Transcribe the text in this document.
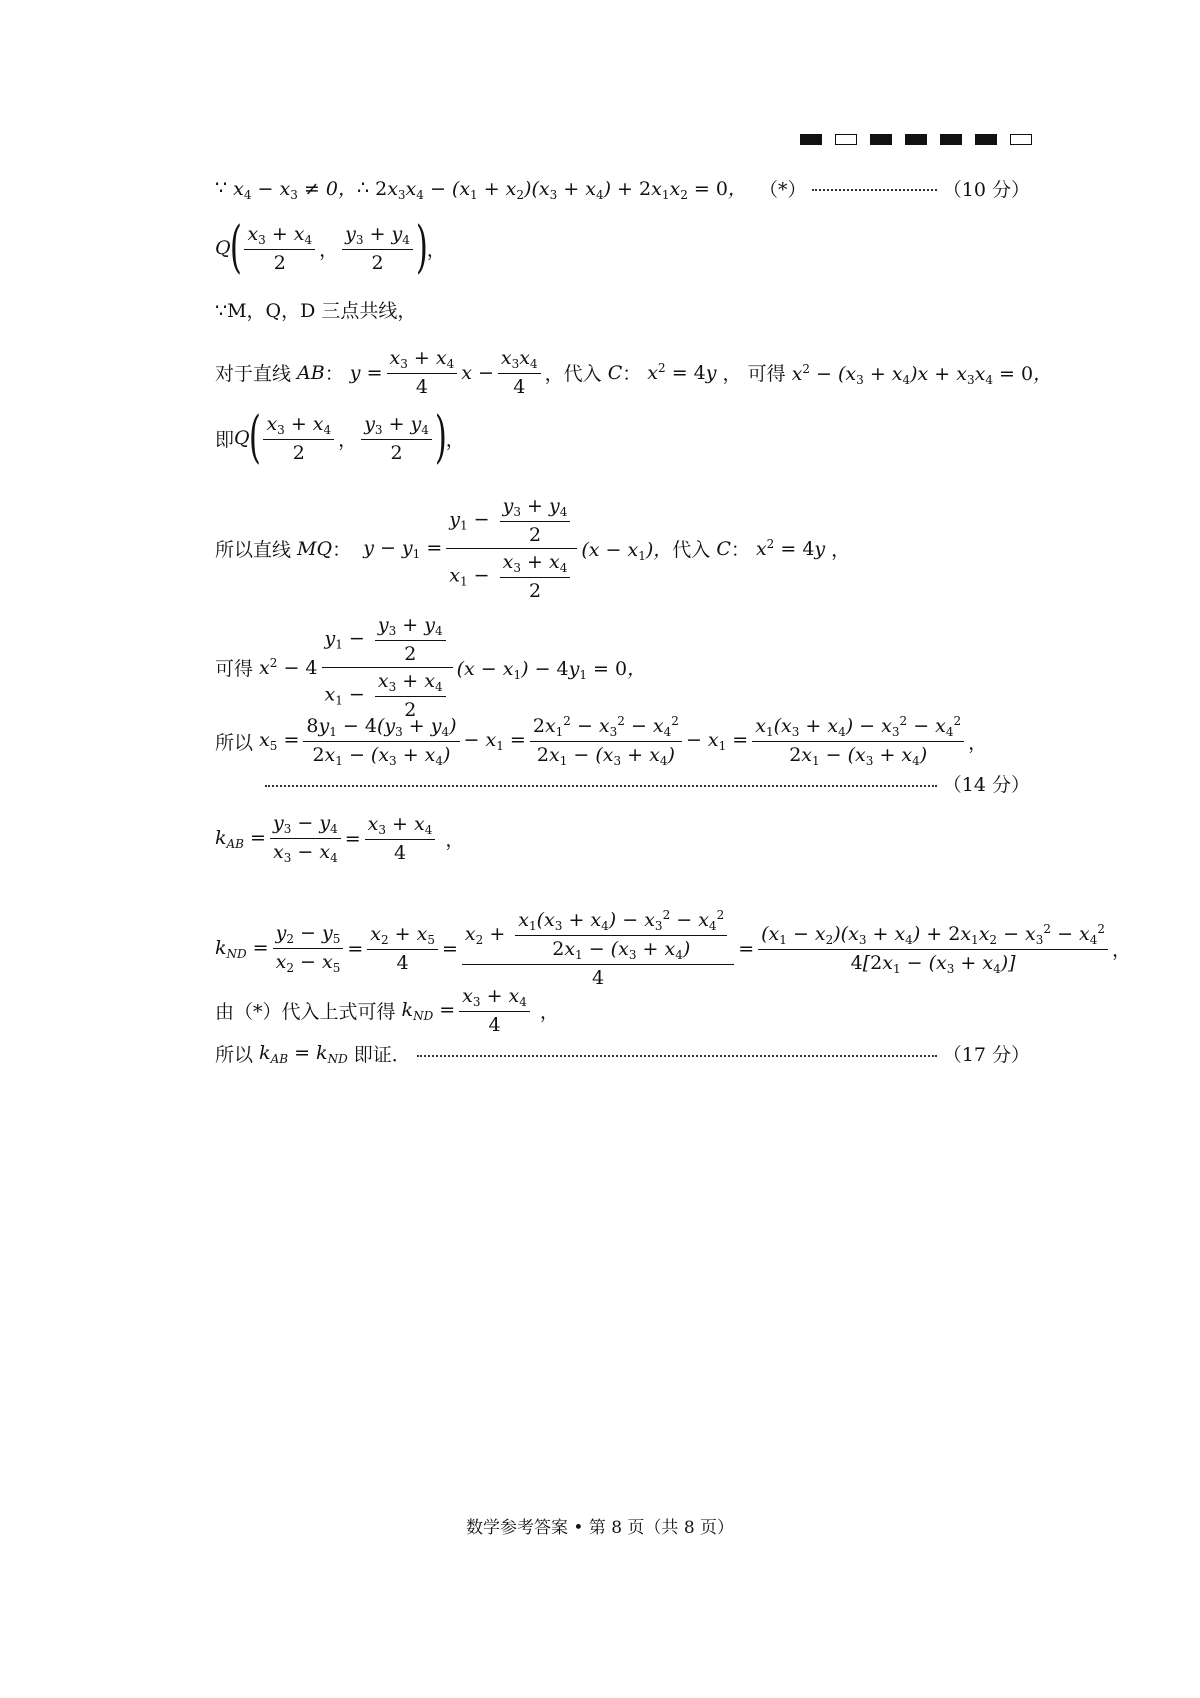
∵ $x_4 - x_3 \ne 0$， ∴ $2x_3x_4 - (x_1 + x_2)(x_3 + x_4) + 2x_1x_2 = 0$， （*）	（10 分）
Q
( $\frac{x_3 + x_4}{2}$ ， $\frac{y_3 + y_4}{2}$ )
，
∵M，Q，D 三点共线，
对于直线 AB ： $y = \frac{x_3 + x_4}{4}$ $x - \frac{x_3x_4}{4}$ ， 代入 C ： $x^2 = 4y$ ， 可得 $x^2 - (x_3 + x_4)x + x_3x_4 = 0$，
即 Q
( $\frac{x_3 + x_4}{2}$ ， $\frac{y_3 + y_4}{2}$ )
，
所以直线 MQ ： $y - y_1 = \frac{y_1 - \frac{y_3 + y_4}{2}}{x_1 - \frac{x_3 + x_4}{2}} (x - x_1)$， 代入 C ： $x^2 = 4y$ ，
可得 $x^2 - 4 \frac{y_1 - \frac{y_3 + y_4}{2}}{x_1 - \frac{x_3 + x_4}{2}} (x - x_1) - 4y_1 = 0$，
所以 $x_5 = \frac{8y_1 - 4(y_3 + y_4)}{2x_1 - (x_3 + x_4)} - x_1 = \frac{2x_1^2 - x_3^2 - x_4^2}{2x_1 - (x_3 + x_4)} - x_1 = \frac{x_1(x_3 + x_4) - x_3^2 - x_4^2}{2x_1 - (x_3 + x_4)}$ ，
（14 分）
$k_{AB} = \frac{y_3 - y_4}{x_3 - x_4} = \frac{x_3 + x_4}{4}$ ，
$k_{ND} = \frac{y_2 - y_5}{x_2 - x_5} = \frac{x_2 + x_5}{4} = \frac{x_2 + \frac{x_1(x_3 + x_4) - x_3^2 - x_4^2}{2x_1 - (x_3 + x_4)}}{4} = \frac{(x_1 - x_2)(x_3 + x_4) + 2x_1x_2 - x_3^2 - x_4^2}{4[2x_1 - (x_3 + x_4)]}$ ，
由（*）代入上式可得 $k_{ND} = \frac{x_3 + x_4}{4}$ ，
所以 $k_{AB} = k_{ND}$ 即证．	（17 分）
数学参考答案 • 第 8 页（共 8 页）
